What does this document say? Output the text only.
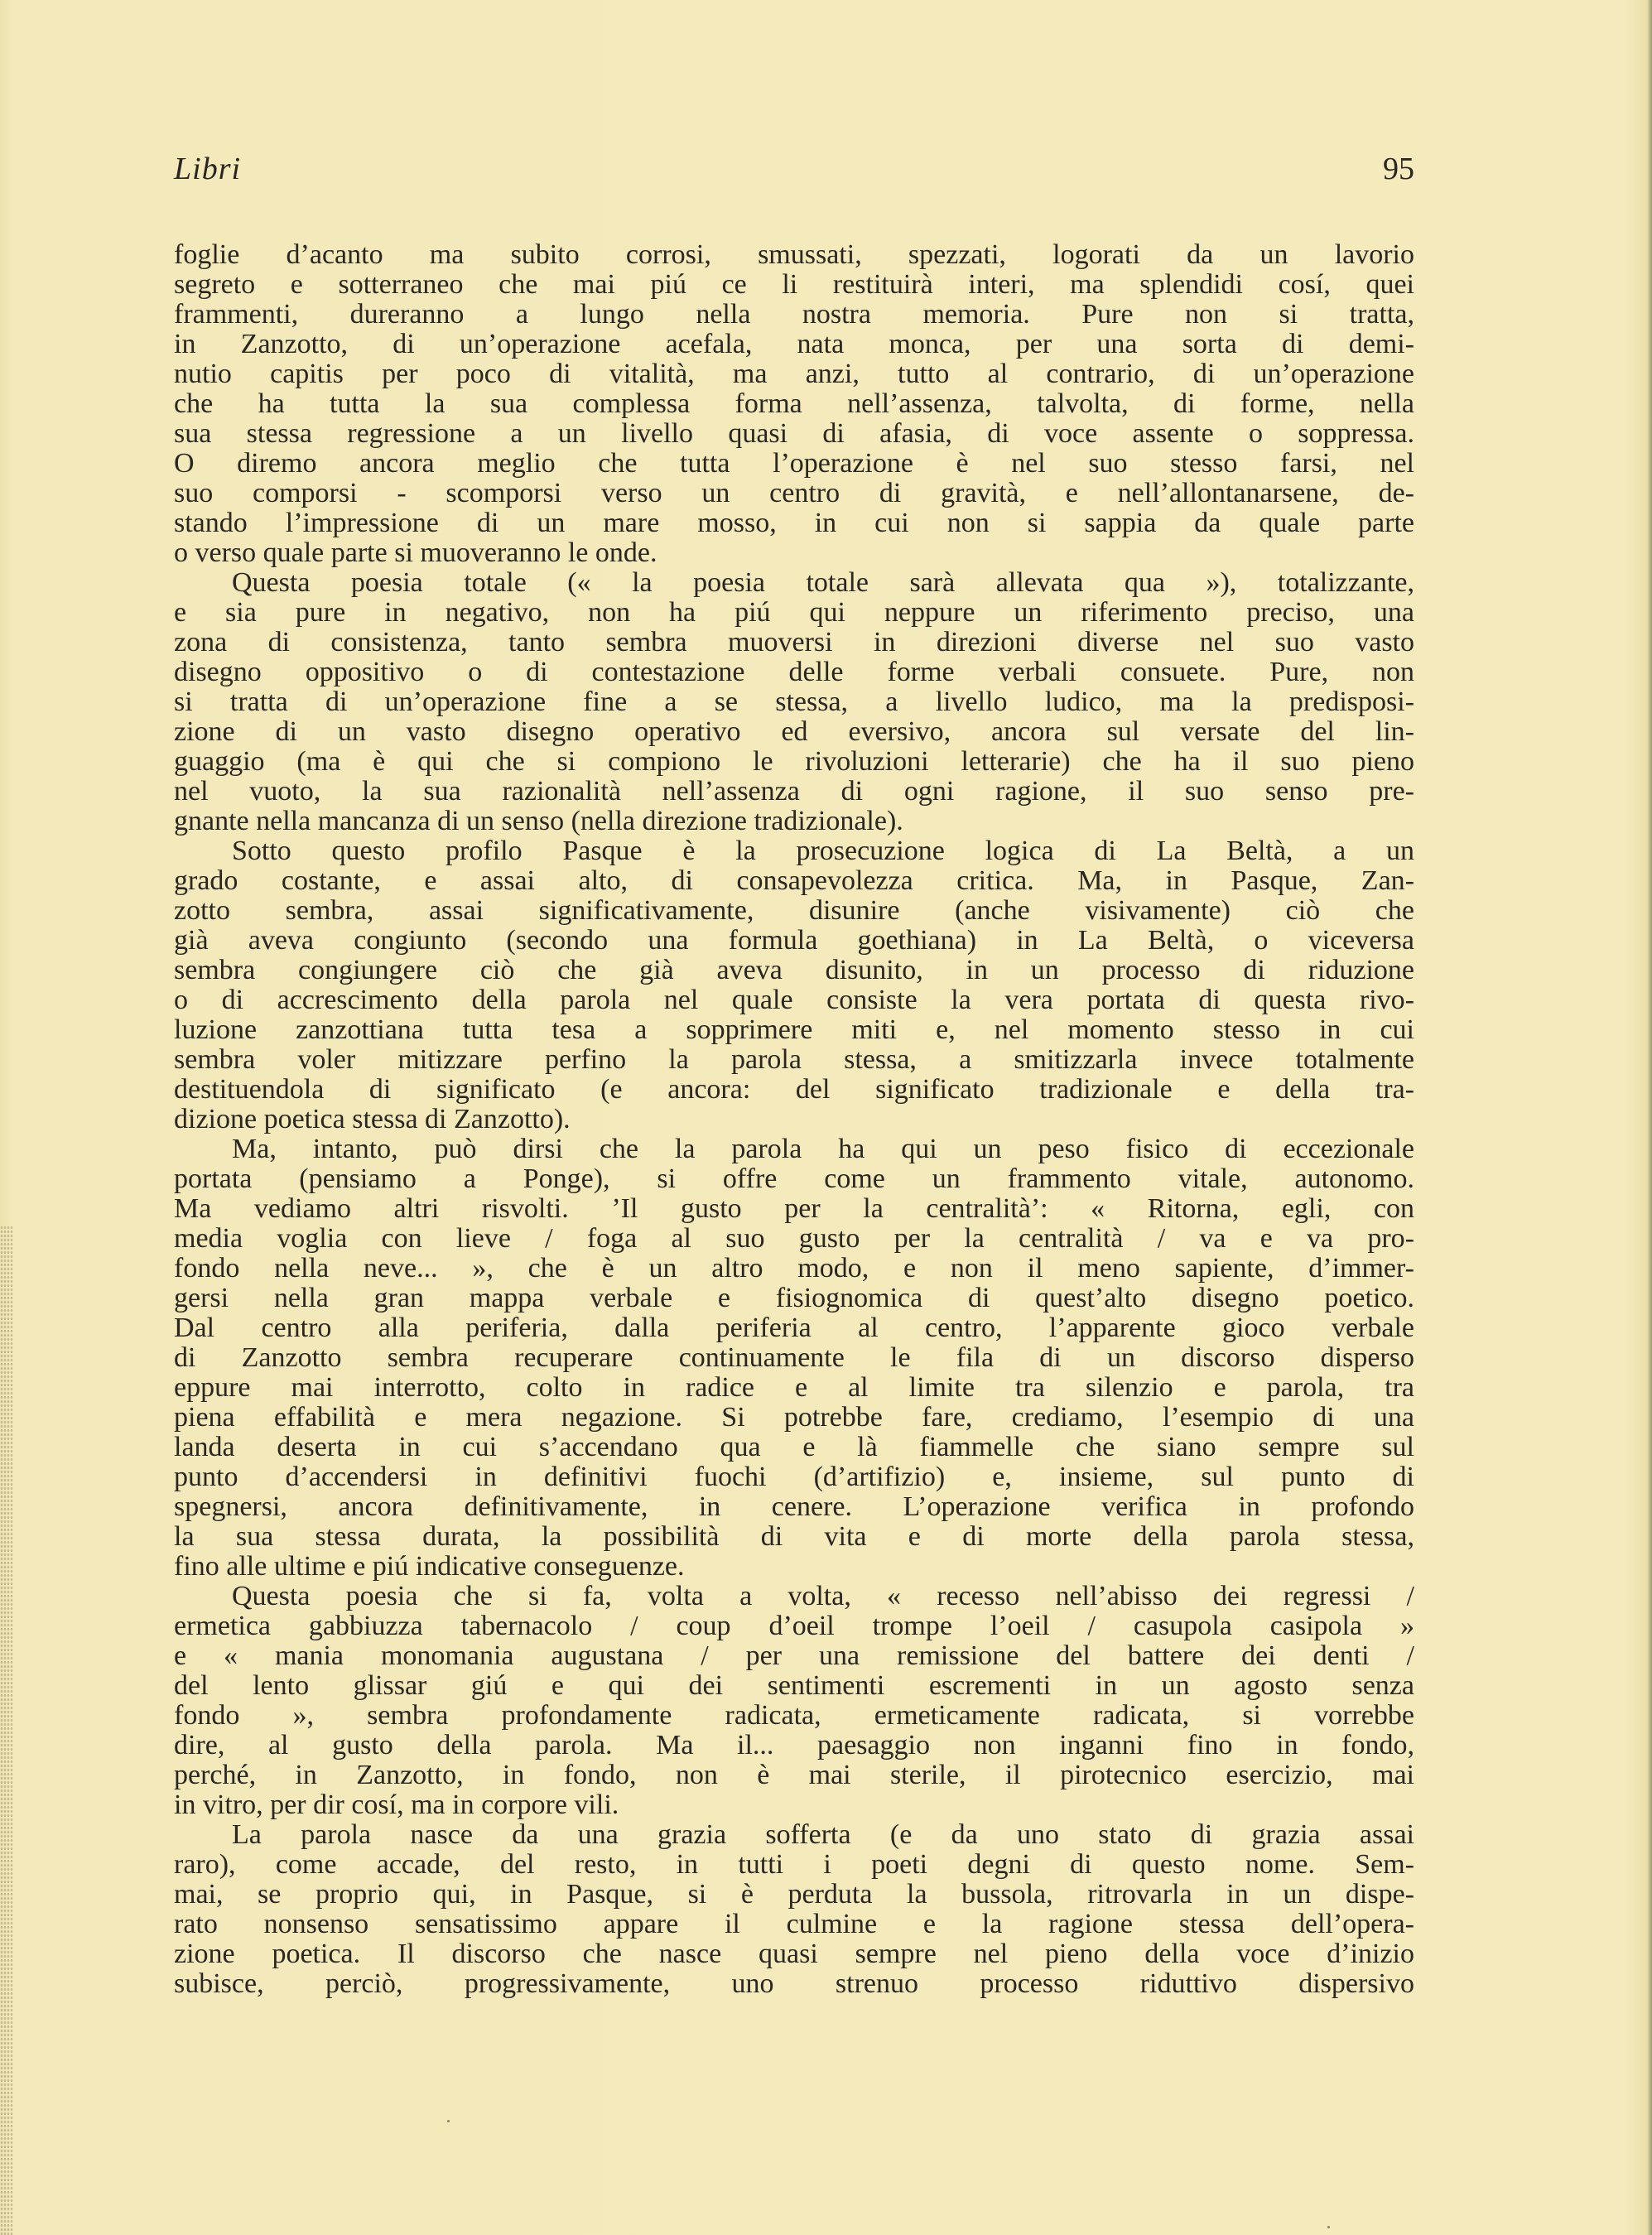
Libri	95
foglie d’acanto ma subito corrosi, smussati, spezzati, logorati da un lavorio
segreto e sotterraneo che mai piú ce li restituirà interi, ma splendidi cosí, quei
frammenti, dureranno a lungo nella nostra memoria. Pure non si tratta,
in Zanzotto, di un’operazione acefala, nata monca, per una sorta di demi-
nutio capitis per poco di vitalità, ma anzi, tutto al contrario, di un’operazione
che ha tutta la sua complessa forma nell’assenza, talvolta, di forme, nella
sua stessa regressione a un livello quasi di afasia, di voce assente o soppressa.
O diremo ancora meglio che tutta l’operazione è nel suo stesso farsi, nel
suo comporsi - scomporsi verso un centro di gravità, e nell’allontanarsene, de-
stando l’impressione di un mare mosso, in cui non si sappia da quale parte
o verso quale parte si muoveranno le onde.
Questa poesia totale (« la poesia totale sarà allevata qua »), totalizzante,
e sia pure in negativo, non ha piú qui neppure un riferimento preciso, una
zona di consistenza, tanto sembra muoversi in direzioni diverse nel suo vasto
disegno oppositivo o di contestazione delle forme verbali consuete. Pure, non
si tratta di un’operazione fine a se stessa, a livello ludico, ma la predisposi-
zione di un vasto disegno operativo ed eversivo, ancora sul versate del lin-
guaggio (ma è qui che si compiono le rivoluzioni letterarie) che ha il suo pieno
nel vuoto, la sua razionalità nell’assenza di ogni ragione, il suo senso pre-
gnante nella mancanza di un senso (nella direzione tradizionale).
Sotto questo profilo Pasque è la prosecuzione logica di La Beltà, a un
grado costante, e assai alto, di consapevolezza critica. Ma, in Pasque, Zan-
zotto sembra, assai significativamente, disunire (anche visivamente) ciò che
già aveva congiunto (secondo una formula goethiana) in La Beltà, o viceversa
sembra congiungere ciò che già aveva disunito, in un processo di riduzione
o di accrescimento della parola nel quale consiste la vera portata di questa rivo-
luzione zanzottiana tutta tesa a sopprimere miti e, nel momento stesso in cui
sembra voler mitizzare perfino la parola stessa, a smitizzarla invece totalmente
destituendola di significato (e ancora: del significato tradizionale e della tra-
dizione poetica stessa di Zanzotto).
Ma, intanto, può dirsi che la parola ha qui un peso fisico di eccezionale
portata (pensiamo a Ponge), si offre come un frammento vitale, autonomo.
Ma vediamo altri risvolti. ’Il gusto per la centralità’: « Ritorna, egli, con
media voglia con lieve / foga al suo gusto per la centralità / va e va pro-
fondo nella neve... », che è un altro modo, e non il meno sapiente, d’immer-
gersi nella gran mappa verbale e fisiognomica di quest’alto disegno poetico.
Dal centro alla periferia, dalla periferia al centro, l’apparente gioco verbale
di Zanzotto sembra recuperare continuamente le fila di un discorso disperso
eppure mai interrotto, colto in radice e al limite tra silenzio e parola, tra
piena effabilità e mera negazione. Si potrebbe fare, crediamo, l’esempio di una
landa deserta in cui s’accendano qua e là fiammelle che siano sempre sul
punto d’accendersi in definitivi fuochi (d’artifizio) e, insieme, sul punto di
spegnersi, ancora definitivamente, in cenere. L’operazione verifica in profondo
la sua stessa durata, la possibilità di vita e di morte della parola stessa,
fino alle ultime e piú indicative conseguenze.
Questa poesia che si fa, volta a volta, « recesso nell’abisso dei regressi /
ermetica gabbiuzza tabernacolo / coup d’oeil trompe l’oeil / casupola casipola »
e « mania monomania augustana / per una remissione del battere dei denti /
del lento glissar giú e qui dei sentimenti escrementi in un agosto senza
fondo », sembra profondamente radicata, ermeticamente radicata, si vorrebbe
dire, al gusto della parola. Ma il... paesaggio non inganni fino in fondo,
perché, in Zanzotto, in fondo, non è mai sterile, il pirotecnico esercizio, mai
in vitro, per dir cosí, ma in corpore vili.
La parola nasce da una grazia sofferta (e da uno stato di grazia assai
raro), come accade, del resto, in tutti i poeti degni di questo nome. Sem-
mai, se proprio qui, in Pasque, si è perduta la bussola, ritrovarla in un dispe-
rato nonsenso sensatissimo appare il culmine e la ragione stessa dell’opera-
zione poetica. Il discorso che nasce quasi sempre nel pieno della voce d’inizio
subisce, perciò, progressivamente, uno strenuo processo riduttivo dispersivo
